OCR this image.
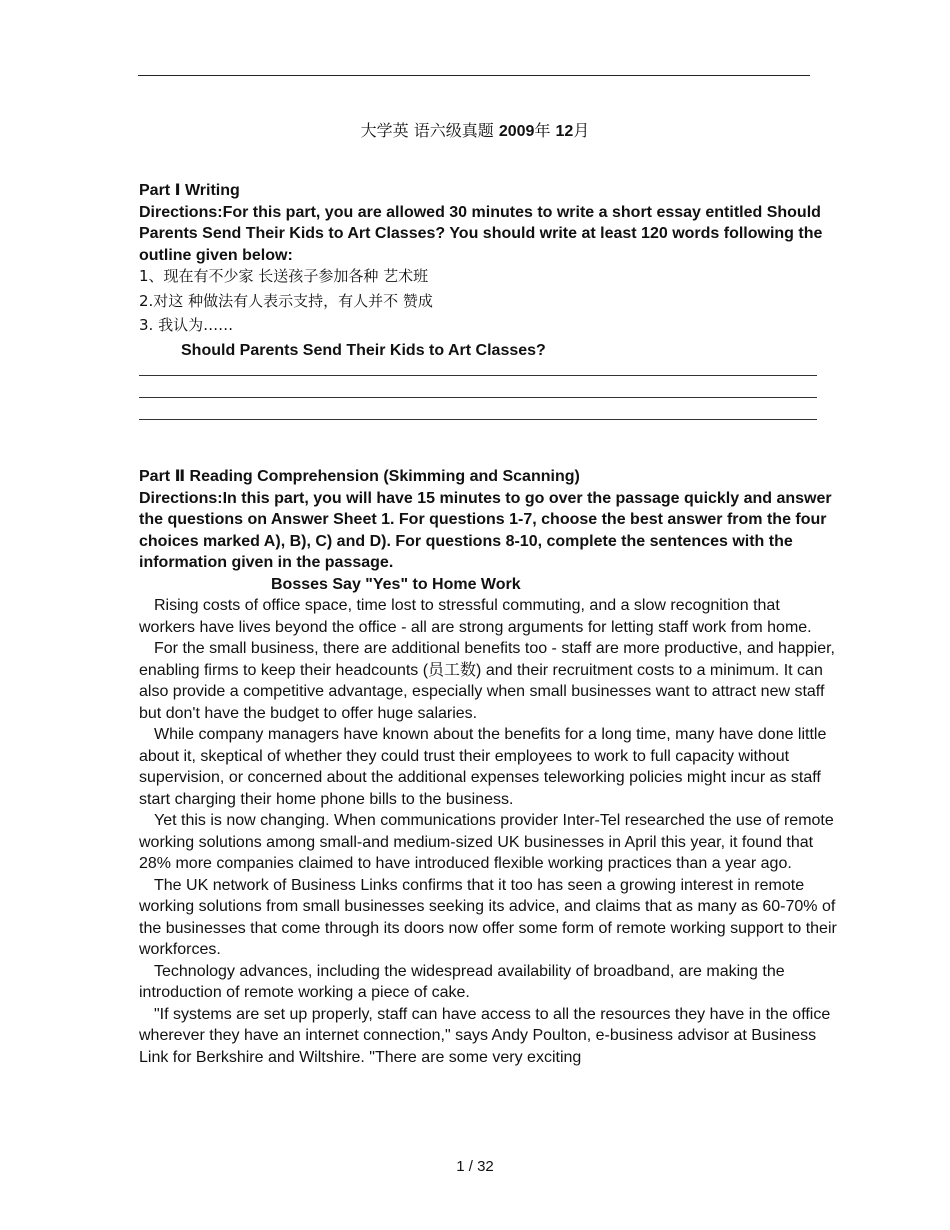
大学英 语六级真题 2009年 12月
Part Ⅰ Writing
Directions:For this part, you are allowed 30 minutes to write a short essay entitled Should Parents Send Their Kids to Art Classes? You should write at least 120 words following the outline given below:
1、现在有不少家 长送孩子参加各种 艺术班
2.对这 种做法有人表示支持，有人并不 赞成
3. 我认为……
Should Parents Send Their Kids to Art Classes?
Part Ⅱ Reading Comprehension (Skimming and Scanning)
Directions:In this part, you will have 15 minutes to go over the passage quickly and answer the questions on Answer Sheet 1. For questions 1-7, choose the best answer from the four choices marked A), B), C) and D). For questions 8-10, complete the sentences with the information given in the passage.
Bosses Say "Yes" to Home Work
Rising costs of office space, time lost to stressful commuting, and a slow recognition that workers have lives beyond the office - all are strong arguments for letting staff work from home.
For the small business, there are additional benefits too - staff are more productive, and happier, enabling firms to keep their headcounts (员工数) and their recruitment costs to a minimum. It can also provide a competitive advantage, especially when small businesses want to attract new staff but don't have the budget to offer huge salaries.
While company managers have known about the benefits for a long time, many have done little about it, skeptical of whether they could trust their employees to work to full capacity without supervision, or concerned about the additional expenses teleworking policies might incur as staff start charging their home phone bills to the business.
Yet this is now changing. When communications provider Inter-Tel researched the use of remote working solutions among small-and medium-sized UK businesses in April this year, it found that 28% more companies claimed to have introduced flexible working practices than a year ago.
The UK network of Business Links confirms that it too has seen a growing interest in remote working solutions from small businesses seeking its advice, and claims that as many as 60-70% of the businesses that come through its doors now offer some form of remote working support to their workforces.
Technology advances, including the widespread availability of broadband, are making the introduction of remote working a piece of cake.
"If systems are set up properly, staff can have access to all the resources they have in the office wherever they have an internet connection," says Andy Poulton, e-business advisor at Business Link for Berkshire and Wiltshire. "There are some very exciting
1 / 32
